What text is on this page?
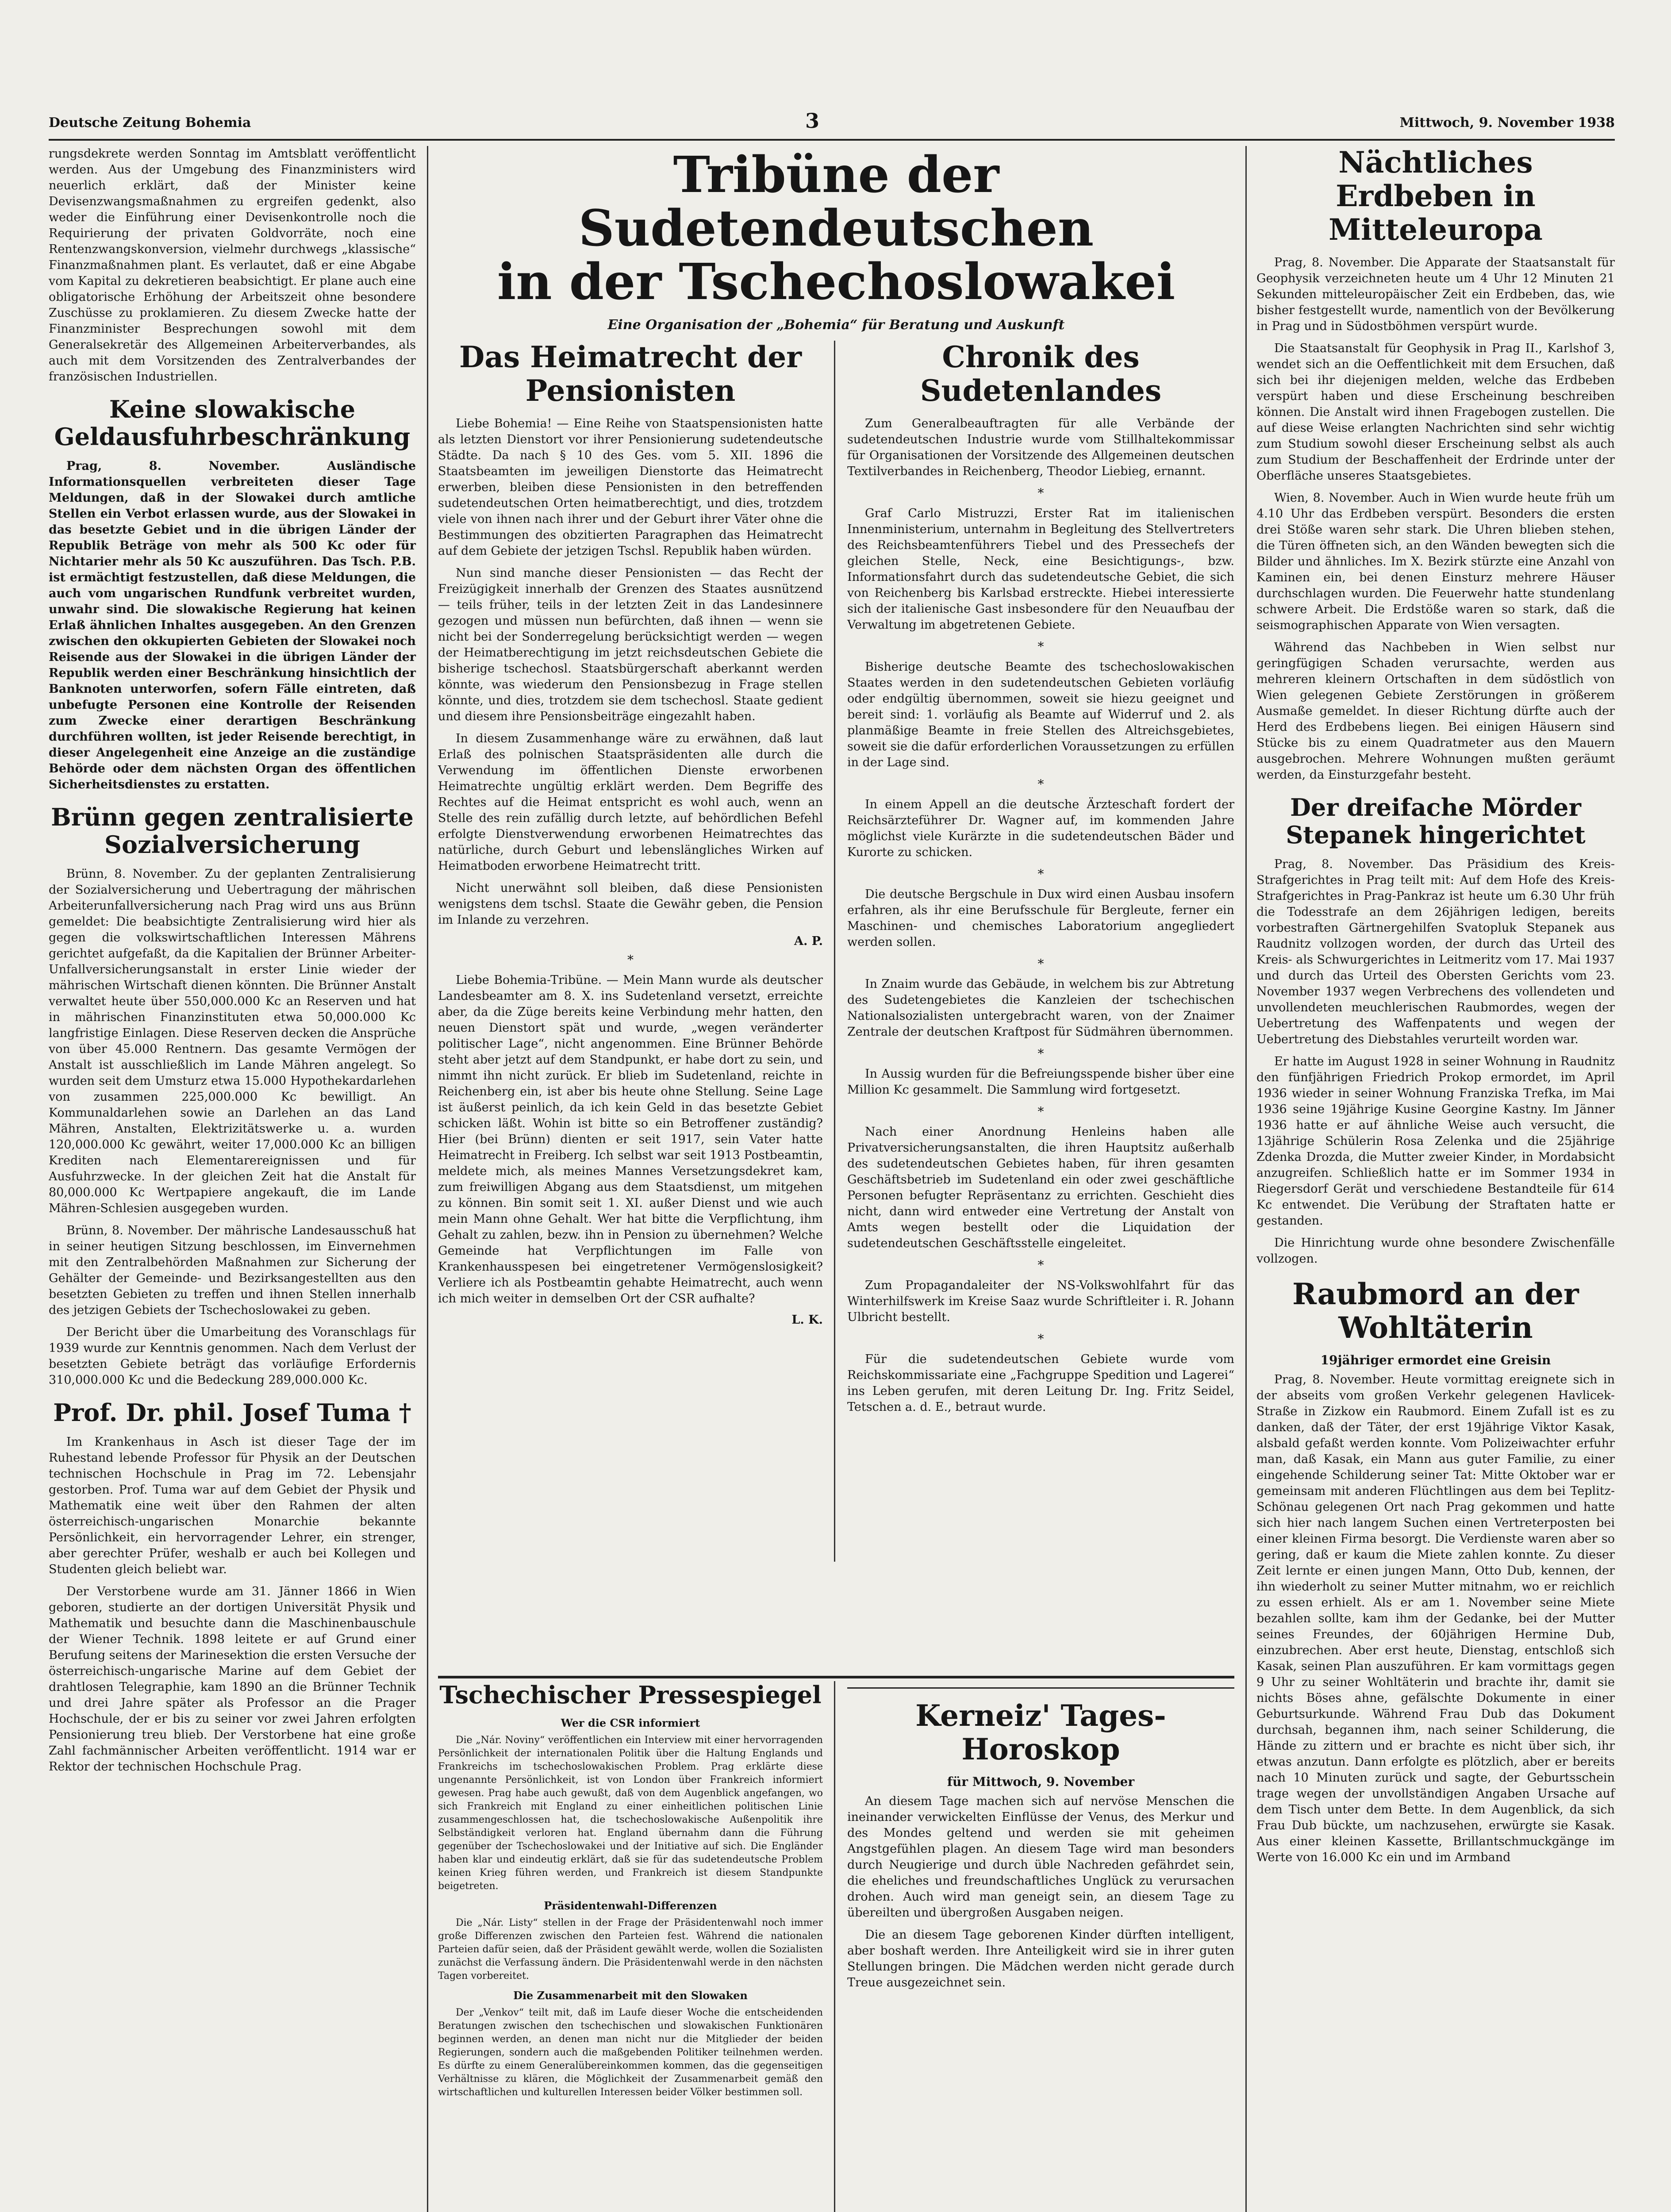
Deutsche Zeitung Bohemia	3	Mittwoch, 9. November 1938

rungsdekrete werden Sonntag im Amtsblatt veröffentlicht werden. Aus der Umgebung des Finanzministers wird neuerlich erklärt, daß der Minister keine Devisenzwangsmaßnahmen zu ergreifen gedenkt, also weder die Einführung einer Devisenkontrolle noch die Requirierung der privaten Goldvorräte, noch eine Rentenzwangskonversion, vielmehr durchwegs „klassische“ Finanzmaßnahmen plant. Es verlautet, daß er eine Abgabe vom Kapital zu dekretieren beabsichtigt. Er plane auch eine obligatorische Erhöhung der Arbeitszeit ohne besondere Zuschüsse zu proklamieren. Zu diesem Zwecke hatte der Finanzminister Besprechungen sowohl mit dem Generalsekretär des Allgemeinen Arbeiterverbandes, als auch mit dem Vorsitzenden des Zentralverbandes der französischen Industriellen.

Keine slowakische Geldausfuhrbeschränkung

Prag, 8. November. Ausländische Informationsquellen verbreiteten dieser Tage Meldungen, daß in der Slowakei durch amtliche Stellen ein Verbot erlassen wurde, aus der Slowakei in das besetzte Gebiet und in die übrigen Länder der Republik Beträge von mehr als 500 Kc oder für Nichtarier mehr als 50 Kc auszuführen. Das Tsch. P.B. ist ermächtigt festzustellen, daß diese Meldungen, die auch vom ungarischen Rundfunk verbreitet wurden, unwahr sind. Die slowakische Regierung hat keinen Erlaß ähnlichen Inhaltes ausgegeben. An den Grenzen zwischen den okkupierten Gebieten der Slowakei noch Reisende aus der Slowakei in die übrigen Länder der Republik werden einer Beschränkung hinsichtlich der Banknoten unterworfen, sofern Fälle eintreten, daß unbefugte Personen eine Kontrolle der Reisenden zum Zwecke einer derartigen Beschränkung durchführen wollten, ist jeder Reisende berechtigt, in dieser Angelegenheit eine Anzeige an die zuständige Behörde oder dem nächsten Organ des öffentlichen Sicherheitsdienstes zu erstatten.

Brünn gegen zentralisierte Sozialversicherung

Brünn, 8. November. Zu der geplanten Zentralisierung der Sozialversicherung und Uebertragung der mährischen Arbeiterunfallversicherung nach Prag wird uns aus Brünn gemeldet: Die beabsichtigte Zentralisierung wird hier als gegen die volkswirtschaftlichen Interessen Mährens gerichtet aufgefaßt, da die Kapitalien der Brünner Arbeiter-Unfallversicherungsanstalt in erster Linie wieder der mährischen Wirtschaft dienen könnten. Die Brünner Anstalt verwaltet heute über 550,000.000 Kc an Reserven und hat in mährischen Finanzinstituten etwa 50,000.000 Kc langfristige Einlagen. Diese Reserven decken die Ansprüche von über 45.000 Rentnern. Das gesamte Vermögen der Anstalt ist ausschließlich im Lande Mähren angelegt. So wurden seit dem Umsturz etwa 15.000 Hypothekardarlehen von zusammen 225,000.000 Kc bewilligt. An Kommunaldarlehen sowie an Darlehen an das Land Mähren, Anstalten, Elektrizitätswerke u. a. wurden 120,000.000 Kc gewährt, weiter 17,000.000 Kc an billigen Krediten nach Elementarereignissen und für Ausfuhrzwecke. In der gleichen Zeit hat die Anstalt für 80,000.000 Kc Wertpapiere angekauft, die im Lande Mähren-Schlesien ausgegeben wurden.

Brünn, 8. November. Der mährische Landesausschuß hat in seiner heutigen Sitzung beschlossen, im Einvernehmen mit den Zentralbehörden Maßnahmen zur Sicherung der Gehälter der Gemeinde- und Bezirksangestellten aus den besetzten Gebieten zu treffen und ihnen Stellen innerhalb des jetzigen Gebiets der Tschechoslowakei zu geben.

Der Bericht über die Umarbeitung des Voranschlags für 1939 wurde zur Kenntnis genommen. Nach dem Verlust der besetzten Gebiete beträgt das vorläufige Erfordernis 310,000.000 Kc und die Bedeckung 289,000.000 Kc.

Prof. Dr. phil. Josef Tuma †

Im Krankenhaus in Asch ist dieser Tage der im Ruhestand lebende Professor für Physik an der Deutschen technischen Hochschule in Prag im 72. Lebensjahr gestorben. Prof. Tuma war auf dem Gebiet der Physik und Mathematik eine weit über den Rahmen der alten österreichisch-ungarischen Monarchie bekannte Persönlichkeit, ein hervorragender Lehrer, ein strenger, aber gerechter Prüfer, weshalb er auch bei Kollegen und Studenten gleich beliebt war.

Der Verstorbene wurde am 31. Jänner 1866 in Wien geboren, studierte an der dortigen Universität Physik und Mathematik und besuchte dann die Maschinenbauschule der Wiener Technik. 1898 leitete er auf Grund einer Berufung seitens der Marinesektion die ersten Versuche der österreichisch-ungarische Marine auf dem Gebiet der drahtlosen Telegraphie, kam 1890 an die Brünner Technik und drei Jahre später als Professor an die Prager Hochschule, der er bis zu seiner vor zwei Jahren erfolgten Pensionierung treu blieb. Der Verstorbene hat eine große Zahl fachmännischer Arbeiten veröffentlicht. 1914 war er Rektor der technischen Hochschule Prag.

Tribüne der Sudetendeutschen
in der Tschechoslowakei
Eine Organisation der „Bohemia“ für Beratung und Auskunft
Das Heimatrecht der Pensionisten

Liebe Bohemia! — Eine Reihe von Staatspensionisten hatte als letzten Dienstort vor ihrer Pensionierung sudetendeutsche Städte. Da nach § 10 des Ges. vom 5. XII. 1896 die Staatsbeamten im jeweiligen Dienstorte das Heimatrecht erwerben, bleiben diese Pensionisten in den betreffenden sudetendeutschen Orten heimatberechtigt, und dies, trotzdem viele von ihnen nach ihrer und der Geburt ihrer Väter ohne die Bestimmungen des obzitierten Paragraphen das Heimatrecht auf dem Gebiete der jetzigen Tschsl. Republik haben würden.

Nun sind manche dieser Pensionisten — das Recht der Freizügigkeit innerhalb der Grenzen des Staates ausnützend — teils früher, teils in der letzten Zeit in das Landesinnere gezogen und müssen nun befürchten, daß ihnen — wenn sie nicht bei der Sonderregelung berücksichtigt werden — wegen der Heimatberechtigung im jetzt reichsdeutschen Gebiete die bisherige tschechosl. Staatsbürgerschaft aberkannt werden könnte, was wiederum den Pensionsbezug in Frage stellen könnte, und dies, trotzdem sie dem tschechosl. Staate gedient und diesem ihre Pensionsbeiträge eingezahlt haben.

In diesem Zusammenhange wäre zu erwähnen, daß laut Erlaß des polnischen Staatspräsidenten alle durch die Verwendung im öffentlichen Dienste erworbenen Heimatrechte ungültig erklärt werden. Dem Begriffe des Rechtes auf die Heimat entspricht es wohl auch, wenn an Stelle des rein zufällig durch letzte, auf behördlichen Befehl erfolgte Dienstverwendung erworbenen Heimatrechtes das natürliche, durch Geburt und lebenslängliches Wirken auf Heimatboden erworbene Heimatrecht tritt.

Nicht unerwähnt soll bleiben, daß diese Pensionisten wenigstens dem tschsl. Staate die Gewähr geben, die Pension im Inlande zu verzehren.

A. P.
*

Liebe Bohemia-Tribüne. — Mein Mann wurde als deutscher Landesbeamter am 8. X. ins Sudetenland versetzt, erreichte aber, da die Züge bereits keine Verbindung mehr hatten, den neuen Dienstort spät und wurde, „wegen veränderter politischer Lage“, nicht angenommen. Eine Brünner Behörde steht aber jetzt auf dem Standpunkt, er habe dort zu sein, und nimmt ihn nicht zurück. Er blieb im Sudetenland, reichte in Reichenberg ein, ist aber bis heute ohne Stellung. Seine Lage ist äußerst peinlich, da ich kein Geld in das besetzte Gebiet schicken läßt. Wohin ist bitte so ein Betroffener zuständig? Hier (bei Brünn) dienten er seit 1917, sein Vater hatte Heimatrecht in Freiberg. Ich selbst war seit 1913 Postbeamtin, meldete mich, als meines Mannes Versetzungsdekret kam, zum freiwilligen Abgang aus dem Staatsdienst, um mitgehen zu können. Bin somit seit 1. XI. außer Dienst und wie auch mein Mann ohne Gehalt. Wer hat bitte die Verpflichtung, ihm Gehalt zu zahlen, bezw. ihn in Pension zu übernehmen? Welche Gemeinde hat Verpflichtungen im Falle von Krankenhausspesen bei eingetretener Vermögenslosigkeit? Verliere ich als Postbeamtin gehabte Heimatrecht, auch wenn ich mich weiter in demselben Ort der CSR aufhalte?

L. K.
Chronik des Sudetenlandes

Zum Generalbeauftragten für alle Verbände der sudetendeutschen Industrie wurde vom Stillhaltekommissar für Organisationen der Vorsitzende des Allgemeinen deutschen Textilverbandes in Reichenberg, Theodor Liebieg, ernannt.

*

Graf Carlo Mistruzzi, Erster Rat im italienischen Innenministerium, unternahm in Begleitung des Stellvertreters des Reichsbeamtenführers Tiebel und des Pressechefs der gleichen Stelle, Neck, eine Besichtigungs-, bzw. Informationsfahrt durch das sudetendeutsche Gebiet, die sich von Reichenberg bis Karlsbad erstreckte. Hiebei interessierte sich der italienische Gast insbesondere für den Neuaufbau der Verwaltung im abgetretenen Gebiete.

*

Bisherige deutsche Beamte des tschechoslowakischen Staates werden in den sudetendeutschen Gebieten vorläufig oder endgültig übernommen, soweit sie hiezu geeignet und bereit sind: 1. vorläufig als Beamte auf Widerruf und 2. als planmäßige Beamte in freie Stellen des Altreichsgebietes, soweit sie die dafür erforderlichen Voraussetzungen zu erfüllen in der Lage sind.

*

In einem Appell an die deutsche Ärzteschaft fordert der Reichsärzteführer Dr. Wagner auf, im kommenden Jahre möglichst viele Kurärzte in die sudetendeutschen Bäder und Kurorte zu schicken.

*

Die deutsche Bergschule in Dux wird einen Ausbau insofern erfahren, als ihr eine Berufsschule für Bergleute, ferner ein Maschinen- und chemisches Laboratorium angegliedert werden sollen.

*

In Znaim wurde das Gebäude, in welchem bis zur Abtretung des Sudetengebietes die Kanzleien der tschechischen Nationalsozialisten untergebracht waren, von der Znaimer Zentrale der deutschen Kraftpost für Südmähren übernommen.

*

In Aussig wurden für die Befreiungsspende bisher über eine Million Kc gesammelt. Die Sammlung wird fortgesetzt.

*

Nach einer Anordnung Henleins haben alle Privatversicherungsanstalten, die ihren Hauptsitz außerhalb des sudetendeutschen Gebietes haben, für ihren gesamten Geschäftsbetrieb im Sudetenland ein oder zwei geschäftliche Personen befugter Repräsentanz zu errichten. Geschieht dies nicht, dann wird entweder eine Vertretung der Anstalt von Amts wegen bestellt oder die Liquidation der sudetendeutschen Geschäftsstelle eingeleitet.

*

Zum Propagandaleiter der NS-Volkswohlfahrt für das Winterhilfswerk im Kreise Saaz wurde Schriftleiter i. R. Johann Ulbricht bestellt.

*

Für die sudetendeutschen Gebiete wurde vom Reichskommissariate eine „Fachgruppe Spedition und Lagerei“ ins Leben gerufen, mit deren Leitung Dr. Ing. Fritz Seidel, Tetschen a. d. E., betraut wurde.

Tschechischer Pressespiegel
Wer die CSR informiert

Die „Nár. Noviny“ veröffentlichen ein Interview mit einer hervorragenden Persönlichkeit der internationalen Politik über die Haltung Englands und Frankreichs im tschechoslowakischen Problem. Prag erklärte diese ungenannte Persönlichkeit, ist von London über Frankreich informiert gewesen. Prag habe auch gewußt, daß von dem Augenblick angefangen, wo sich Frankreich mit England zu einer einheitlichen politischen Linie zusammengeschlossen hat, die tschechoslowakische Außenpolitik ihre Selbständigkeit verloren hat. England übernahm dann die Führung gegenüber der Tschechoslowakei und der Initiative auf sich. Die Engländer haben klar und eindeutig erklärt, daß sie für das sudetendeutsche Problem keinen Krieg führen werden, und Frankreich ist diesem Standpunkte beigetreten.

Präsidentenwahl-Differenzen

Die „Nár. Listy“ stellen in der Frage der Präsidentenwahl noch immer große Differenzen zwischen den Parteien fest. Während die nationalen Parteien dafür seien, daß der Präsident gewählt werde, wollen die Sozialisten zunächst die Verfassung ändern. Die Präsidentenwahl werde in den nächsten Tagen vorbereitet.

Die Zusammenarbeit mit den Slowaken

Der „Venkov“ teilt mit, daß im Laufe dieser Woche die entscheidenden Beratungen zwischen den tschechischen und slowakischen Funktionären beginnen werden, an denen man nicht nur die Mitglieder der beiden Regierungen, sondern auch die maßgebenden Politiker teilnehmen werden. Es dürfte zu einem Generalübereinkommen kommen, das die gegenseitigen Verhältnisse zu klären, die Möglichkeit der Zusammenarbeit gemäß den wirtschaftlichen und kulturellen Interessen beider Völker bestimmen soll.

Kerneiz' Tages-Horoskop
für Mittwoch, 9. November

An diesem Tage machen sich auf nervöse Menschen die ineinander verwickelten Einflüsse der Venus, des Merkur und des Mondes geltend und werden sie mit geheimen Angstgefühlen plagen. An diesem Tage wird man besonders durch Neugierige und durch üble Nachreden gefährdet sein, die eheliches und freundschaftliches Unglück zu verursachen drohen. Auch wird man geneigt sein, an diesem Tage zu übereilten und übergroßen Ausgaben neigen.

Die an diesem Tage geborenen Kinder dürften intelligent, aber boshaft werden. Ihre Anteiligkeit wird sie in ihrer guten Stellungen bringen. Die Mädchen werden nicht gerade durch Treue ausgezeichnet sein.

Nächtliches Erdbeben in Mitteleuropa

Prag, 8. November. Die Apparate der Staatsanstalt für Geophysik verzeichneten heute um 4 Uhr 12 Minuten 21 Sekunden mitteleuropäischer Zeit ein Erdbeben, das, wie bisher festgestellt wurde, namentlich von der Bevölkerung in Prag und in Südostböhmen verspürt wurde.

Die Staatsanstalt für Geophysik in Prag II., Karlshof 3, wendet sich an die Oeffentlichkeit mit dem Ersuchen, daß sich bei ihr diejenigen melden, welche das Erdbeben verspürt haben und diese Erscheinung beschreiben können. Die Anstalt wird ihnen Fragebogen zustellen. Die auf diese Weise erlangten Nachrichten sind sehr wichtig zum Studium sowohl dieser Erscheinung selbst als auch zum Studium der Beschaffenheit der Erdrinde unter der Oberfläche unseres Staatsgebietes.

Wien, 8. November. Auch in Wien wurde heute früh um 4.10 Uhr das Erdbeben verspürt. Besonders die ersten drei Stöße waren sehr stark. Die Uhren blieben stehen, die Türen öffneten sich, an den Wänden bewegten sich die Bilder und ähnliches. Im X. Bezirk stürzte eine Anzahl von Kaminen ein, bei denen Einsturz mehrere Häuser durchschlagen wurden. Die Feuerwehr hatte stundenlang schwere Arbeit. Die Erdstöße waren so stark, daß die seismographischen Apparate von Wien versagten.

Während das Nachbeben in Wien selbst nur geringfügigen Schaden verursachte, werden aus mehreren kleinern Ortschaften in dem südöstlich von Wien gelegenen Gebiete Zerstörungen in größerem Ausmaße gemeldet. In dieser Richtung dürfte auch der Herd des Erdbebens liegen. Bei einigen Häusern sind Stücke bis zu einem Quadratmeter aus den Mauern ausgebrochen. Mehrere Wohnungen mußten geräumt werden, da Einsturzgefahr besteht.

Der dreifache Mörder Stepanek hingerichtet

Prag, 8. November. Das Präsidium des Kreis-Strafgerichtes in Prag teilt mit: Auf dem Hofe des Kreis-Strafgerichtes in Prag-Pankraz ist heute um 6.30 Uhr früh die Todesstrafe an dem 26jährigen ledigen, bereits vorbestraften Gärtnergehilfen Svatopluk Stepanek aus Raudnitz vollzogen worden, der durch das Urteil des Kreis- als Schwurgerichtes in Leitmeritz vom 17. Mai 1937 und durch das Urteil des Obersten Gerichts vom 23. November 1937 wegen Verbrechens des vollendeten und unvollendeten meuchlerischen Raubmordes, wegen der Uebertretung des Waffenpatents und wegen der Uebertretung des Diebstahles verurteilt worden war.

Er hatte im August 1928 in seiner Wohnung in Raudnitz den fünfjährigen Friedrich Prokop ermordet, im April 1936 wieder in seiner Wohnung Franziska Trefka, im Mai 1936 seine 19jährige Kusine Georgine Kastny. Im Jänner 1936 hatte er auf ähnliche Weise auch versucht, die 13jährige Schülerin Rosa Zelenka und die 25jährige Zdenka Drozda, die Mutter zweier Kinder, in Mordabsicht anzugreifen. Schließlich hatte er im Sommer 1934 in Riegersdorf Gerät und verschiedene Bestandteile für 614 Kc entwendet. Die Verübung der Straftaten hatte er gestanden.

Die Hinrichtung wurde ohne besondere Zwischenfälle vollzogen.

Raubmord an der Wohltäterin
19jähriger ermordet eine Greisin

Prag, 8. November. Heute vormittag ereignete sich in der abseits vom großen Verkehr gelegenen Havlicek-Straße in Zizkow ein Raubmord. Einem Zufall ist es zu danken, daß der Täter, der erst 19jährige Viktor Kasak, alsbald gefaßt werden konnte. Vom Polizeiwachter erfuhr man, daß Kasak, ein Mann aus guter Familie, zu einer eingehende Schilderung seiner Tat: Mitte Oktober war er gemeinsam mit anderen Flüchtlingen aus dem bei Teplitz-Schönau gelegenen Ort nach Prag gekommen und hatte sich hier nach langem Suchen einen Vertreterposten bei einer kleinen Firma besorgt. Die Verdienste waren aber so gering, daß er kaum die Miete zahlen konnte. Zu dieser Zeit lernte er einen jungen Mann, Otto Dub, kennen, der ihn wiederholt zu seiner Mutter mitnahm, wo er reichlich zu essen erhielt. Als er am 1. November seine Miete bezahlen sollte, kam ihm der Gedanke, bei der Mutter seines Freundes, der 60jährigen Hermine Dub, einzubrechen. Aber erst heute, Dienstag, entschloß sich Kasak, seinen Plan auszuführen. Er kam vormittags gegen 9 Uhr zu seiner Wohltäterin und brachte ihr, damit sie nichts Böses ahne, gefälschte Dokumente in einer Geburtsurkunde. Während Frau Dub das Dokument durchsah, begannen ihm, nach seiner Schilderung, die Hände zu zittern und er brachte es nicht über sich, ihr etwas anzutun. Dann erfolgte es plötzlich, aber er bereits nach 10 Minuten zurück und sagte, der Geburtsschein trage wegen der unvollständigen Angaben Ursache auf dem Tisch unter dem Bette. In dem Augenblick, da sich Frau Dub bückte, um nachzusehen, erwürgte sie Kasak. Aus einer kleinen Kassette, Brillantschmuckgänge im Werte von 16.000 Kc ein und im Armband
